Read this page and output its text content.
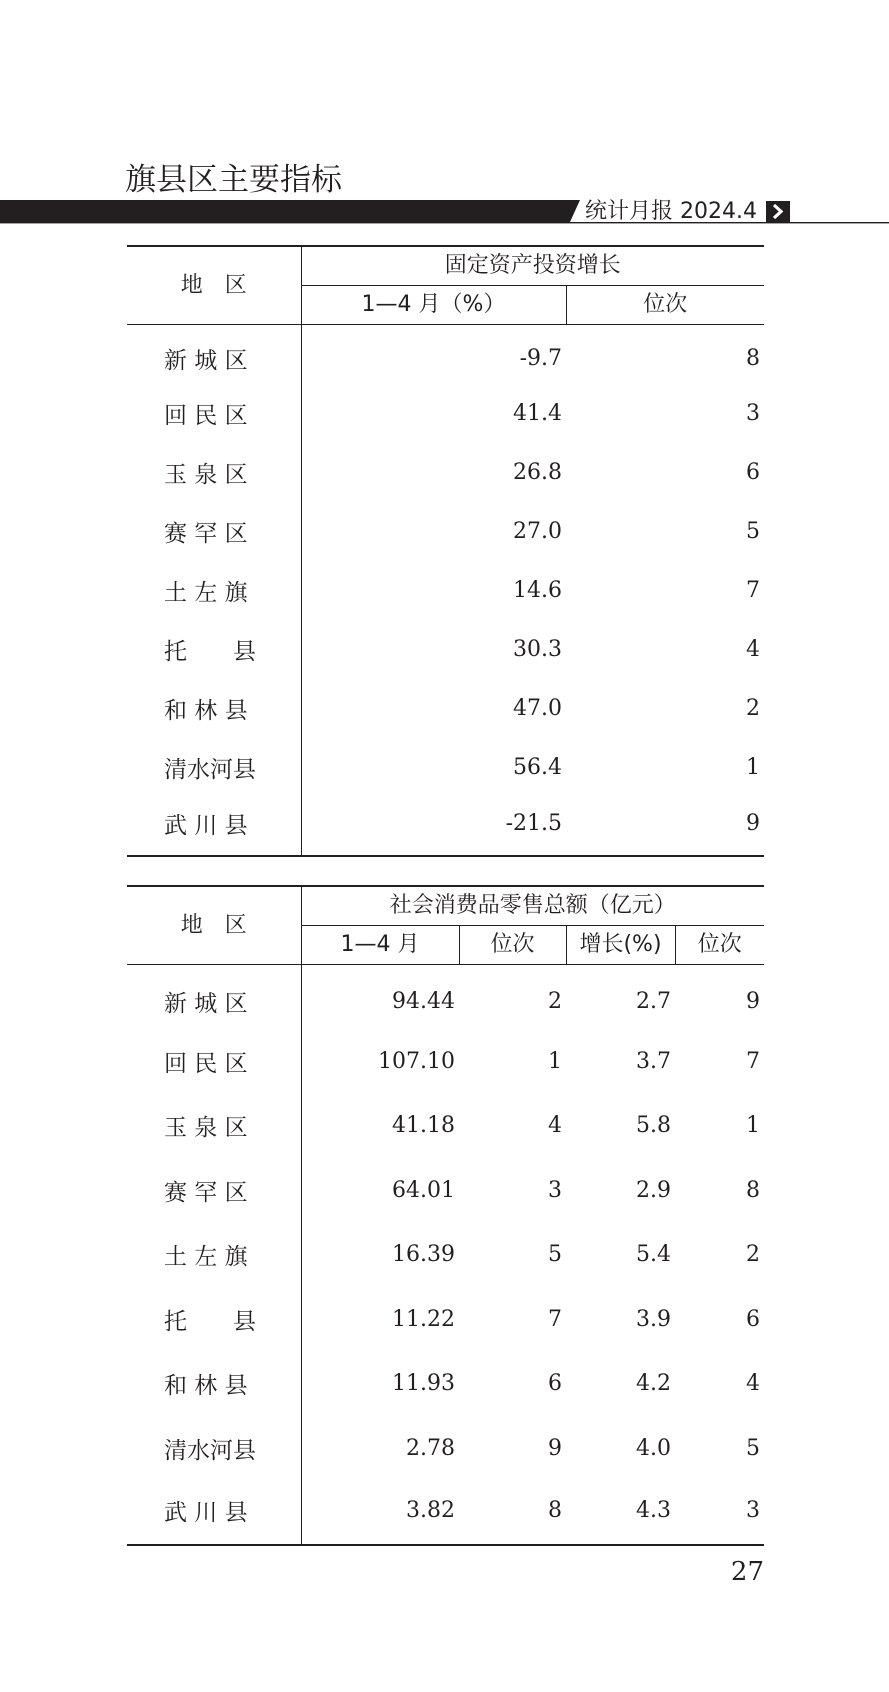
旗县区主要指标
统计月报 2024.4
地　区	固定资产投资增长	
	1—4 月（%）	位次
新 城 区	-9.7	8
回 民 区	41.4	3
玉 泉 区	26.8	6
赛 罕 区	27.0	5
土 左 旗	14.6	7
托　　县	30.3	4
和 林 县	47.0	2
清水河县	56.4	1
武 川 县	-21.5	9
地　区	社会消费品零售总额（亿元）			
	1—4 月	位次	增长(%)	位次
新 城 区	94.44	2	2.7	9
回 民 区	107.10	1	3.7	7
玉 泉 区	41.18	4	5.8	1
赛 罕 区	64.01	3	2.9	8
土 左 旗	16.39	5	5.4	2
托　　县	11.22	7	3.9	6
和 林 县	11.93	6	4.2	4
清水河县	2.78	9	4.0	5
武 川 县	3.82	8	4.3	3
27
